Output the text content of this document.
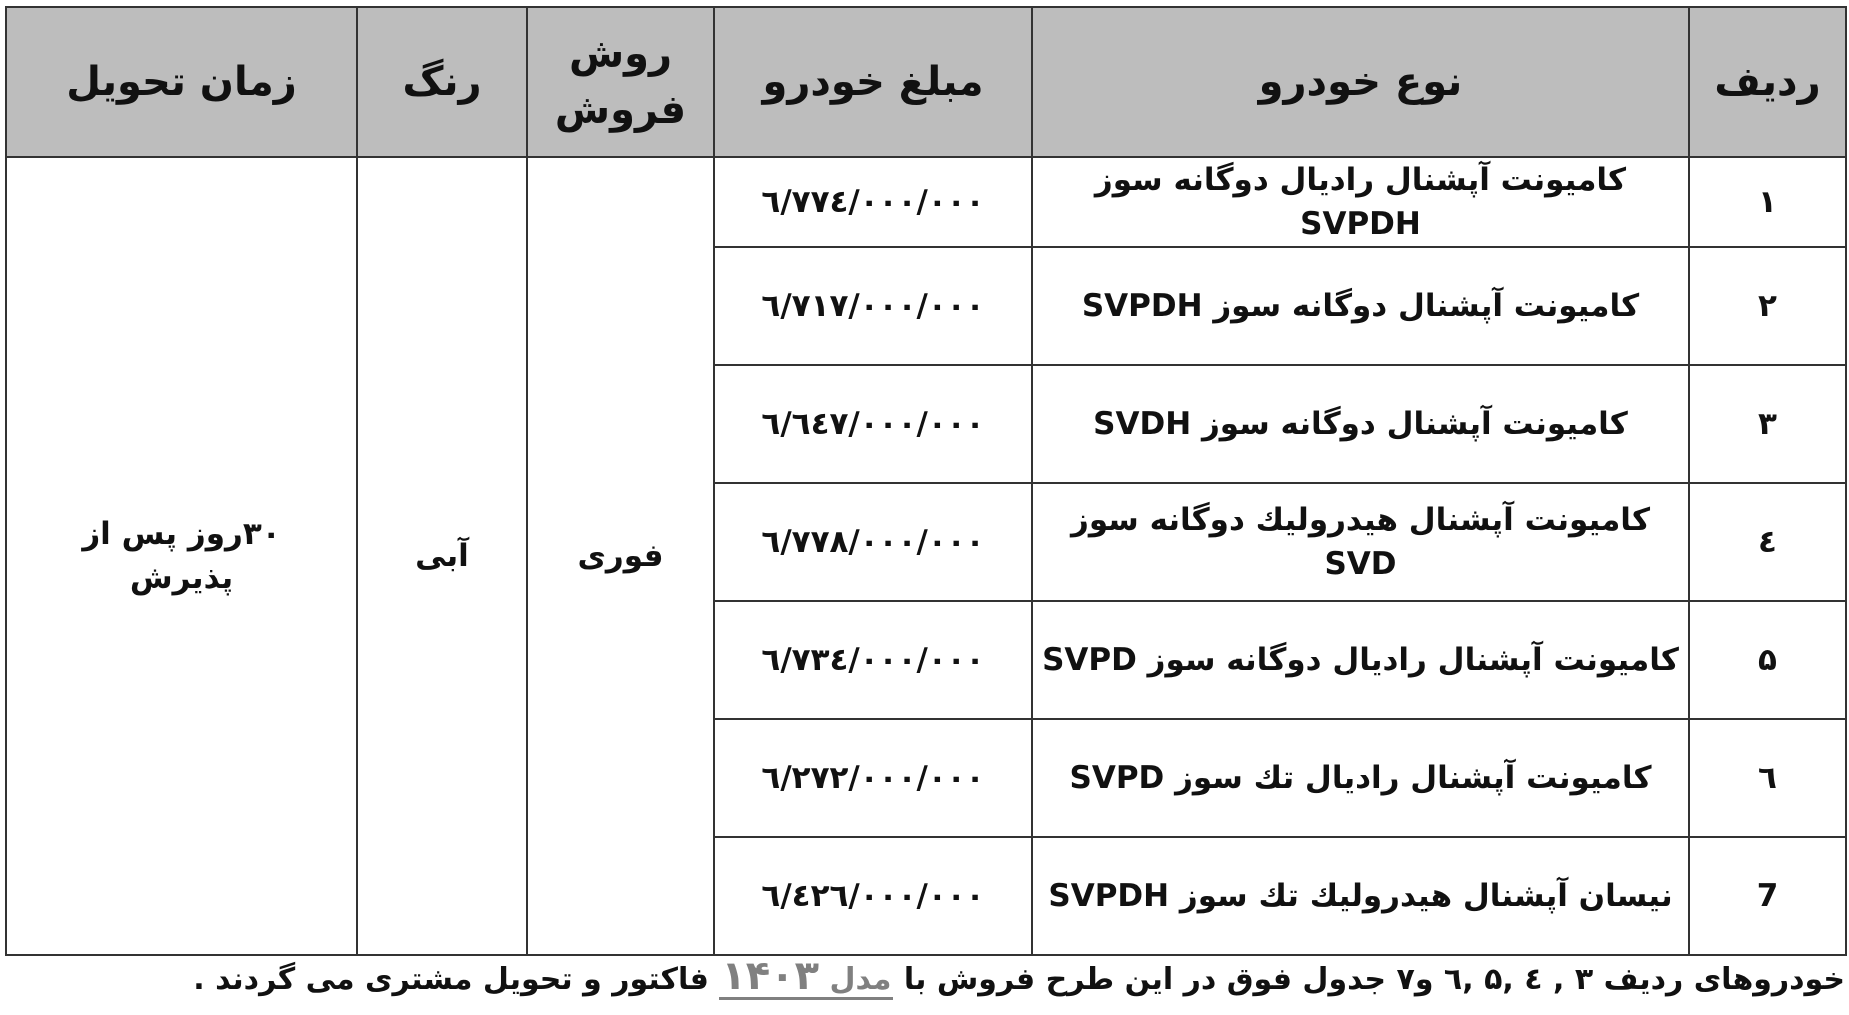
ردیف	نوع خودرو	مبلغ خودرو	روش فروش	رنگ	زمان تحویل
۱	کامیونت آپشنال رادیال دوگانه سوز SVPDH	٦/٧٧٤/٠٠٠/٠٠٠	فوری	آبی	۳۰روز پس از پذیرش
۲	کامیونت آپشنال دوگانه سوز SVPDH	٦/٧١٧/٠٠٠/٠٠٠			
۳	کامیونت آپشنال دوگانه سوز SVDH	٦/٦٤٧/٠٠٠/٠٠٠			
٤	کامیونت آپشنال هیدرولیك دوگانه سوز SVD	٦/٧٧٨/٠٠٠/٠٠٠			
۵	کامیونت آپشنال رادیال دوگانه سوز SVPD	٦/٧٣٤/٠٠٠/٠٠٠			
٦	کامیونت آپشنال رادیال تك سوز SVPD	٦/٢٧٢/٠٠٠/٠٠٠			
7	نیسان آپشنال هیدرولیك تك سوز SVPDH	٦/٤٢٦/٠٠٠/٠٠٠			
خودروهای ردیف ۳ , ٤ ,۵ ,٦ و۷ جدول فوق در این طرح فروش با مدل ۱۴۰۳ فاکتور و تحویل مشتری می گردند .
